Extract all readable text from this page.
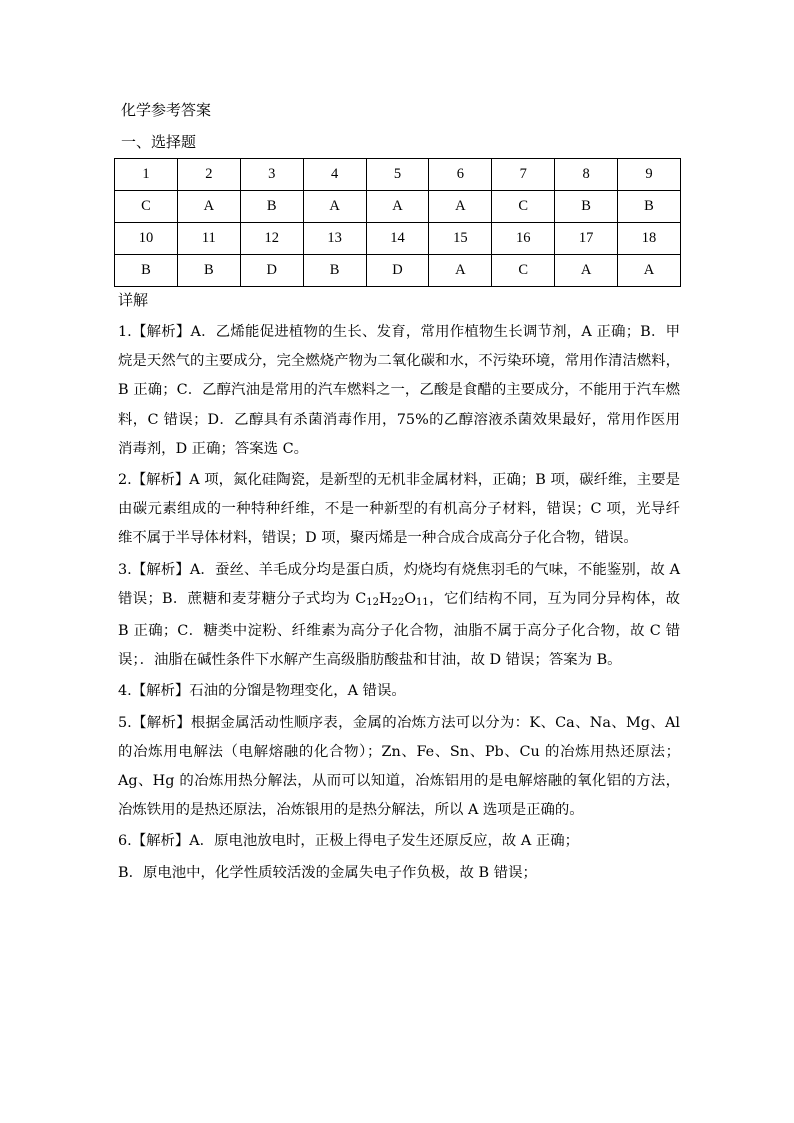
化学参考答案
一、选择题
1	2	3	4	5	6	7	8	9
C	A	B	A	A	A	C	B	B
10	11	12	13	14	15	16	17	18
B	B	D	B	D	A	C	A	A
详解

1.【解析】A．乙烯能促进植物的生长、发育，常用作植物生长调节剂，A 正确；B．甲烷是天然气的主要成分，完全燃烧产物为二氧化碳和水，不污染环境，常用作清洁燃料，B 正确；C．乙醇汽油是常用的汽车燃料之一，乙酸是食醋的主要成分，不能用于汽车燃料，C 错误；D．乙醇具有杀菌消毒作用，75%的乙醇溶液杀菌效果最好，常用作医用消毒剂，D 正确；答案选 C。

2.【解析】A 项，氮化硅陶瓷，是新型的无机非金属材料，正确；B 项，碳纤维，主要是由碳元素组成的一种特种纤维，不是一种新型的有机高分子材料，错误；C 项，光导纤维不属于半导体材料，错误；D 项，聚丙烯是一种合成合成高分子化合物，错误。

3.【解析】A．蚕丝、羊毛成分均是蛋白质，灼烧均有烧焦羽毛的气味，不能鉴别，故 A 错误；B．蔗糖和麦芽糖分子式均为 $C_{12}H_{22}O_{11}$，它们结构不同，互为同分异构体，故 B 正确；C．糖类中淀粉、纤维素为高分子化合物，油脂不属于高分子化合物，故 C 错误；．油脂在碱性条件下水解产生高级脂肪酸盐和甘油，故 D 错误；答案为 B。

4.【解析】石油的分馏是物理变化，A 错误。

5.【解析】根据金属活动性顺序表，金属的冶炼方法可以分为：K、Ca、Na、Mg、Al 的冶炼用电解法（电解熔融的化合物）；Zn、Fe、Sn、Pb、Cu 的冶炼用热还原法；Ag、Hg 的冶炼用热分解法，从而可以知道，冶炼铝用的是电解熔融的氧化铝的方法，冶炼铁用的是热还原法，冶炼银用的是热分解法，所以 A 选项是正确的。

6.【解析】A．原电池放电时，正极上得电子发生还原反应，故 A 正确；

B．原电池中，化学性质较活泼的金属失电子作负极，故 B 错误；
